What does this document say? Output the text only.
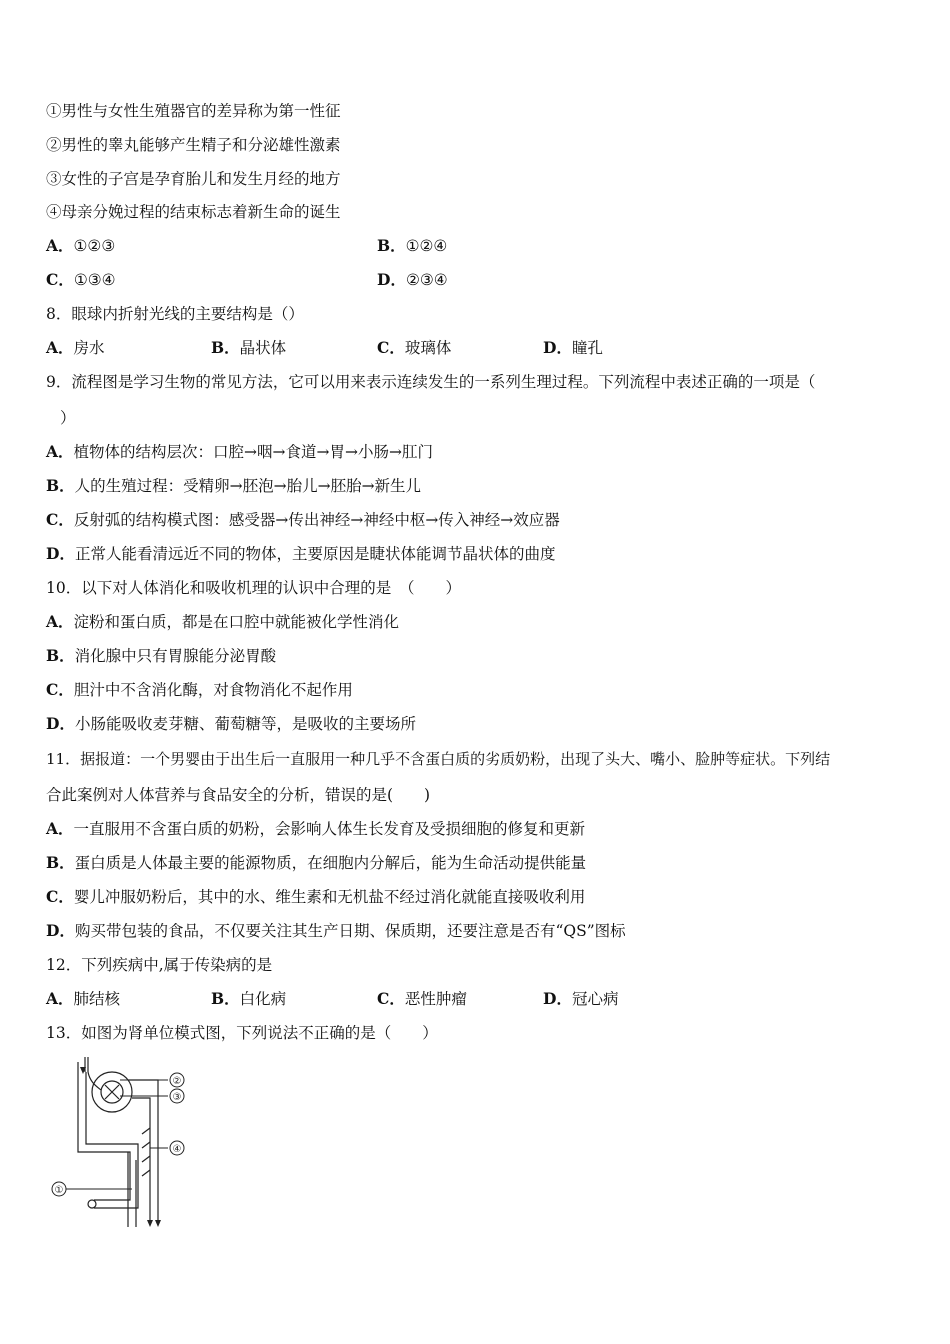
①男性与女性生殖器官的差异称为第一性征
②男性的睾丸能够产生精子和分泌雄性激素
③女性的子宫是孕育胎儿和发生月经的地方
④母亲分娩过程的结束标志着新生命的诞生
A．①②③	B．①②④
C．①③④	D．②③④
8．眼球内折射光线的主要结构是（）
A．房水	B．晶状体	C．玻璃体	D．瞳孔
9．流程图是学习生物的常见方法，它可以用来表示连续发生的一系列生理过程。下列流程中表述正确的一项是（
）
A．植物体的结构层次：口腔→咽→食道→胃→小肠→肛门
B．人的生殖过程：受精卵→胚泡→胎儿→胚胎→新生儿
C．反射弧的结构模式图：感受器→传出神经→神经中枢→传入神经→效应器
D．正常人能看清远近不同的物体，主要原因是睫状体能调节晶状体的曲度
10．以下对人体消化和吸收机理的认识中合理的是　（　　）
A．淀粉和蛋白质，都是在口腔中就能被化学性消化
B．消化腺中只有胃腺能分泌胃酸
C．胆汁中不含消化酶，对食物消化不起作用
D．小肠能吸收麦芽糖、葡萄糖等，是吸收的主要场所
11．据报道：一个男婴由于出生后一直服用一种几乎不含蛋白质的劣质奶粉，出现了头大、嘴小、脸肿等症状。下列结
合此案例对人体营养与食品安全的分析，错误的是(　　)
A．一直服用不含蛋白质的奶粉，会影响人体生长发育及受损细胞的修复和更新
B．蛋白质是人体最主要的能源物质，在细胞内分解后，能为生命活动提供能量
C．婴儿冲服奶粉后，其中的水、维生素和无机盐不经过消化就能直接吸收利用
D．购买带包装的食品，不仅要关注其生产日期、保质期，还要注意是否有“QS”图标
12．下列疾病中,属于传染病的是
A．肺结核	B．白化病	C．恶性肿瘤	D．冠心病
13．如图为肾单位模式图，下列说法不正确的是（　　）
②
③
④
①
